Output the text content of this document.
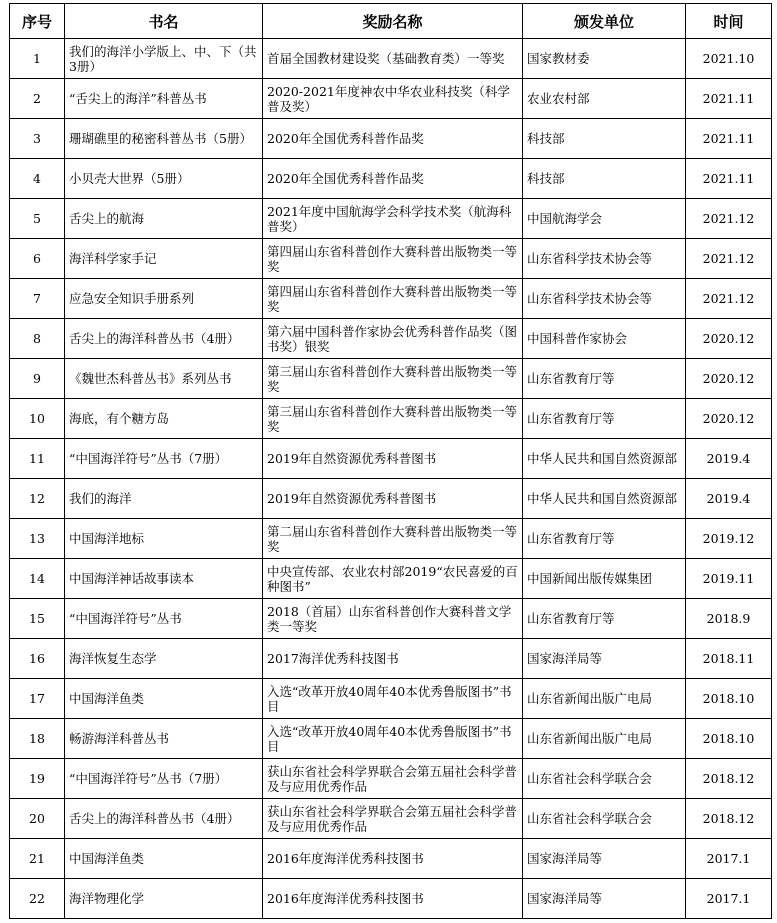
序号	书名	奖励名称	颁发单位	时间
1	我们的海洋小学版上、中、下（共3册）	首届全国教材建设奖（基础教育类）一等奖	国家教材委	2021.10
2	“舌尖上的海洋”科普丛书	2020-2021年度神农中华农业科技奖（科学普及奖）	农业农村部	2021.11
3	珊瑚礁里的秘密科普丛书（5册）	2020年全国优秀科普作品奖	科技部	2021.11
4	小贝壳大世界（5册）	2020年全国优秀科普作品奖	科技部	2021.11
5	舌尖上的航海	2021年度中国航海学会科学技术奖（航海科普奖）	中国航海学会	2021.12
6	海洋科学家手记	第四届山东省科普创作大赛科普出版物类一等奖	山东省科学技术协会等	2021.12
7	应急安全知识手册系列	第四届山东省科普创作大赛科普出版物类一等奖	山东省科学技术协会等	2021.12
8	舌尖上的海洋科普丛书（4册）	第六届中国科普作家协会优秀科普作品奖（图书奖）银奖	中国科普作家协会	2020.12
9	《魏世杰科普丛书》系列丛书	第三届山东省科普创作大赛科普出版物类一等奖	山东省教育厅等	2020.12
10	海底，有个糖方岛	第三届山东省科普创作大赛科普出版物类一等奖	山东省教育厅等	2020.12
11	“中国海洋符号”丛书（7册）	2019年自然资源优秀科普图书	中华人民共和国自然资源部	2019.4
12	我们的海洋	2019年自然资源优秀科普图书	中华人民共和国自然资源部	2019.4
13	中国海洋地标	第二届山东省科普创作大赛科普出版物类一等奖	山东省教育厅等	2019.12
14	中国海洋神话故事读本	中央宣传部、农业农村部2019“农民喜爱的百种图书”	中国新闻出版传媒集团	2019.11
15	“中国海洋符号”丛书	2018（首届）山东省科普创作大赛科普文学类一等奖	山东省教育厅等	2018.9
16	海洋恢复生态学	2017海洋优秀科技图书	国家海洋局等	2018.11
17	中国海洋鱼类	入选“改革开放40周年40本优秀鲁版图书”书目	山东省新闻出版广电局	2018.10
18	畅游海洋科普丛书	入选“改革开放40周年40本优秀鲁版图书”书目	山东省新闻出版广电局	2018.10
19	“中国海洋符号”丛书（7册）	获山东省社会科学界联合会第五届社会科学普及与应用优秀作品	山东省社会科学联合会	2018.12
20	舌尖上的海洋科普丛书（4册）	获山东省社会科学界联合会第五届社会科学普及与应用优秀作品	山东省社会科学联合会	2018.12
21	中国海洋鱼类	2016年度海洋优秀科技图书	国家海洋局等	2017.1
22	海洋物理化学	2016年度海洋优秀科技图书	国家海洋局等	2017.1
